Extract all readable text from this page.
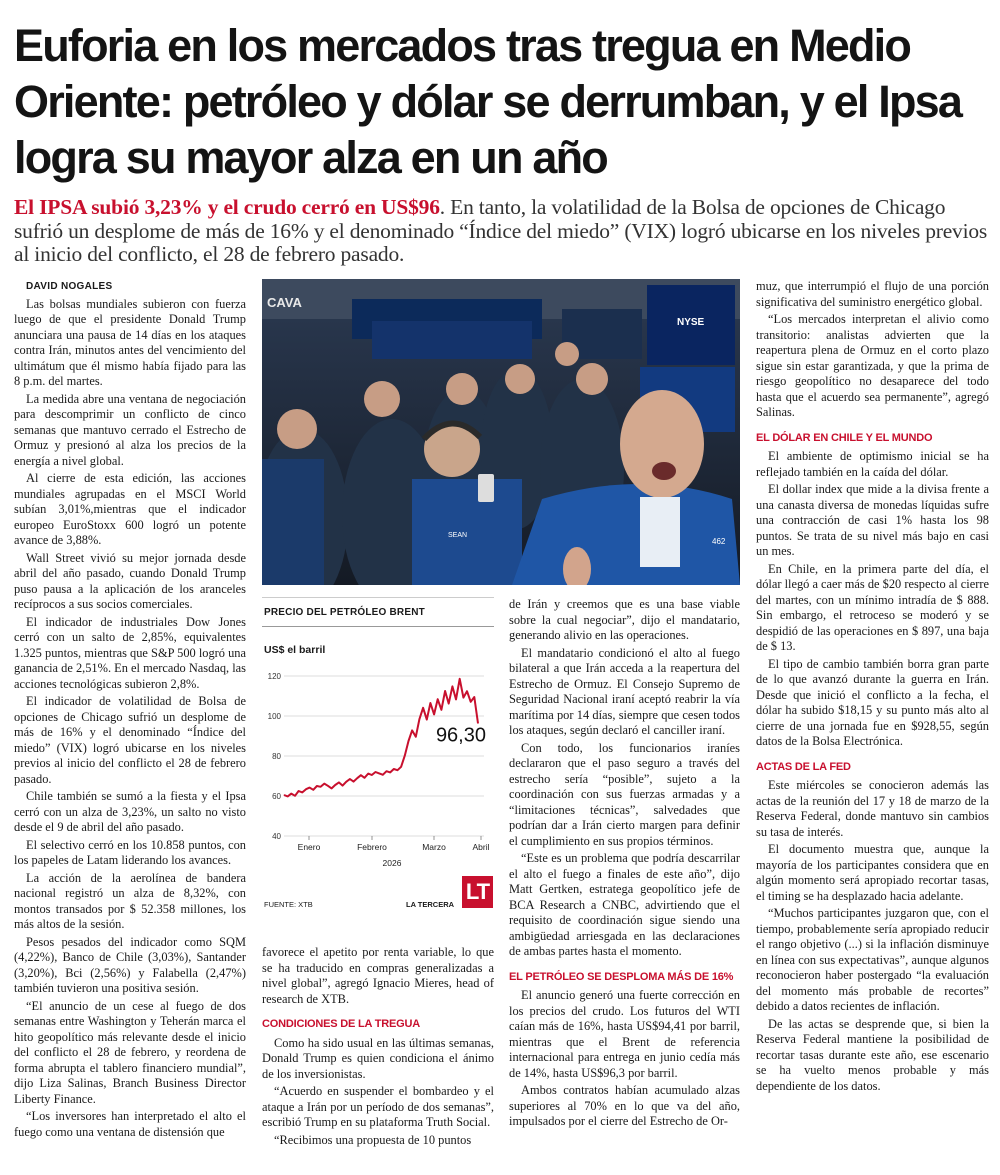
Euforia en los mercados tras tregua en Medio Oriente: petróleo y dólar se derrumban, y el Ipsa logra su mayor alza en un año

El IPSA subió 3,23% y el crudo cerró en US$96. En tanto, la volatilidad de la Bolsa de opciones de Chicago sufrió un desplome de más de 16% y el denominado “Índice del miedo” (VIX) logró ubicarse en los niveles previos al inicio del conflicto, el 28 de febrero pasado.

DAVID NOGALES

Las bolsas mundiales subieron con fuerza luego de que el presidente Donald Trump anunciara una pausa de 14 días en los ataques contra Irán, minutos antes del vencimiento del ultimátum que él mismo había fijado para las 8 p.m. del martes.

La medida abre una ventana de negociación para descomprimir un conflicto de cinco semanas que mantuvo cerrado el Estrecho de Ormuz y presionó al alza los precios de la energía a nivel global.

Al cierre de esta edición, las acciones mundiales agrupadas en el MSCI World subían 3,01%,mientras que el indicador europeo EuroStoxx 600 logró un potente avance de 3,88%.

Wall Street vivió su mejor jornada desde abril del año pasado, cuando Donald Trump puso pausa a la aplicación de los aranceles recíprocos a sus socios comerciales.

El indicador de industriales Dow Jones cerró con un salto de 2,85%, equivalentes 1.325 puntos, mientras que S&P 500 logró una ganancia de 2,51%. En el mercado Nasdaq, las acciones tecnológicas subieron 2,8%.

El indicador de volatilidad de Bolsa de opciones de Chicago sufrió un desplome de más de 16% y el denominado “Índice del miedo” (VIX) logró ubicarse en los niveles previos al inicio del conflicto el 28 de febrero pasado.

Chile también se sumó a la fiesta y el Ipsa cerró con un alza de 3,23%, un salto no visto desde el 9 de abril del año pasado.

El selectivo cerró en los 10.858 puntos, con los papeles de Latam liderando los avances.

La acción de la aerolínea de bandera nacional registró un alza de 8,32%, con montos transados por $ 52.358 millones, los más altos de la sesión.

Pesos pesados del indicador como SQM (4,22%), Banco de Chile (3,03%), Santander (3,20%), Bci (2,56%) y Falabella (2,47%) también tuvieron una positiva sesión.

“El anuncio de un cese al fuego de dos semanas entre Washington y Teherán marca el hito geopolítico más relevante desde el inicio del conflicto el 28 de febrero, y reordena de forma abrupta el tablero financiero mundial”, dijo Liza Salinas, Branch Business Director Liberty Finance.

“Los inversores han interpretado el alto el fuego como una ventana de distensión que

CAVA
NYSE
SEAN
462
PRECIO DEL PETRÓLEO BRENT
US$ el barril
40
60
80
100
120
Enero	Febrero	Marzo	Abril
2026
96,30
FUENTE: XTB	LA TERCERA
LT

favorece el apetito por renta variable, lo que se ha traducido en compras generalizadas a nivel global”, agregó Ignacio Mieres, head of research de XTB.

CONDICIONES DE LA TREGUA

Como ha sido usual en las últimas semanas, Donald Trump es quien condiciona el ánimo de los inversionistas.

“Acuerdo en suspender el bombardeo y el ataque a Irán por un período de dos semanas”, escribió Trump en su plataforma Truth Social.

“Recibimos una propuesta de 10 puntos

de Irán y creemos que es una base viable sobre la cual negociar”, dijo el mandatario, generando alivio en las operaciones.

El mandatario condicionó el alto al fuego bilateral a que Irán acceda a la reapertura del Estrecho de Ormuz. El Consejo Supremo de Seguridad Nacional iraní aceptó reabrir la vía marítima por 14 días, siempre que cesen todos los ataques, según declaró el canciller iraní.

Con todo, los funcionarios iraníes declararon que el paso seguro a través del estrecho sería “posible”, sujeto a la coordinación con sus fuerzas armadas y a “limitaciones técnicas”, salvedades que podrían dar a Irán cierto margen para definir el cumplimiento en sus propios términos.

“Este es un problema que podría descarrilar el alto el fuego a finales de este año”, dijo Matt Gertken, estratega geopolítico jefe de BCA Research a CNBC, advirtiendo que el requisito de coordinación sigue siendo una ambigüedad arriesgada en las declaraciones de ambas partes hasta el momento.

EL PETRÓLEO SE DESPLOMA MÁS DE 16%

El anuncio generó una fuerte corrección en los precios del crudo. Los futuros del WTI caían más de 16%, hasta US$94,41 por barril, mientras que el Brent de referencia internacional para entrega en junio cedía más de 14%, hasta US$96,3 por barril.

Ambos contratos habían acumulado alzas superiores al 70% en lo que va del año, impulsados por el cierre del Estrecho de Or-

muz, que interrumpió el flujo de una porción significativa del suministro energético global.

“Los mercados interpretan el alivio como transitorio: analistas advierten que la reapertura plena de Ormuz en el corto plazo sigue sin estar garantizada, y que la prima de riesgo geopolítico no desaparece del todo hasta que el acuerdo sea permanente”, agregó Salinas.

EL DÓLAR EN CHILE Y EL MUNDO

El ambiente de optimismo inicial se ha reflejado también en la caída del dólar.

El dollar index que mide a la divisa frente a una canasta diversa de monedas líquidas sufre una contracción de casi 1% hasta los 98 puntos. Se trata de su nivel más bajo en casi un mes.

En Chile, en la primera parte del día, el dólar llegó a caer más de $20 respecto al cierre del martes, con un mínimo intradía de $ 888. Sin embargo, el retroceso se moderó y se despidió de las operaciones en $ 897, una baja de $ 13.

El tipo de cambio también borra gran parte de lo que avanzó durante la guerra en Irán. Desde que inició el conflicto a la fecha, el dólar ha subido $18,15 y su punto más alto al cierre de una jornada fue en $928,55, según datos de la Bolsa Electrónica.

ACTAS DE LA FED

Este miércoles se conocieron además las actas de la reunión del 17 y 18 de marzo de la Reserva Federal, donde mantuvo sin cambios su tasa de interés.

El documento muestra que, aunque la mayoría de los participantes considera que en algún momento será apropiado recortar tasas, el timing se ha desplazado hacia adelante.

“Muchos participantes juzgaron que, con el tiempo, probablemente sería apropiado reducir el rango objetivo (...) si la inflación disminuye en línea con sus expectativas”, aunque algunos reconocieron haber postergado “la evaluación del momento más probable de recortes” debido a datos recientes de inflación.

De las actas se desprende que, si bien la Reserva Federal mantiene la posibilidad de recortar tasas durante este año, ese escenario se ha vuelto menos probable y más dependiente de los datos.
